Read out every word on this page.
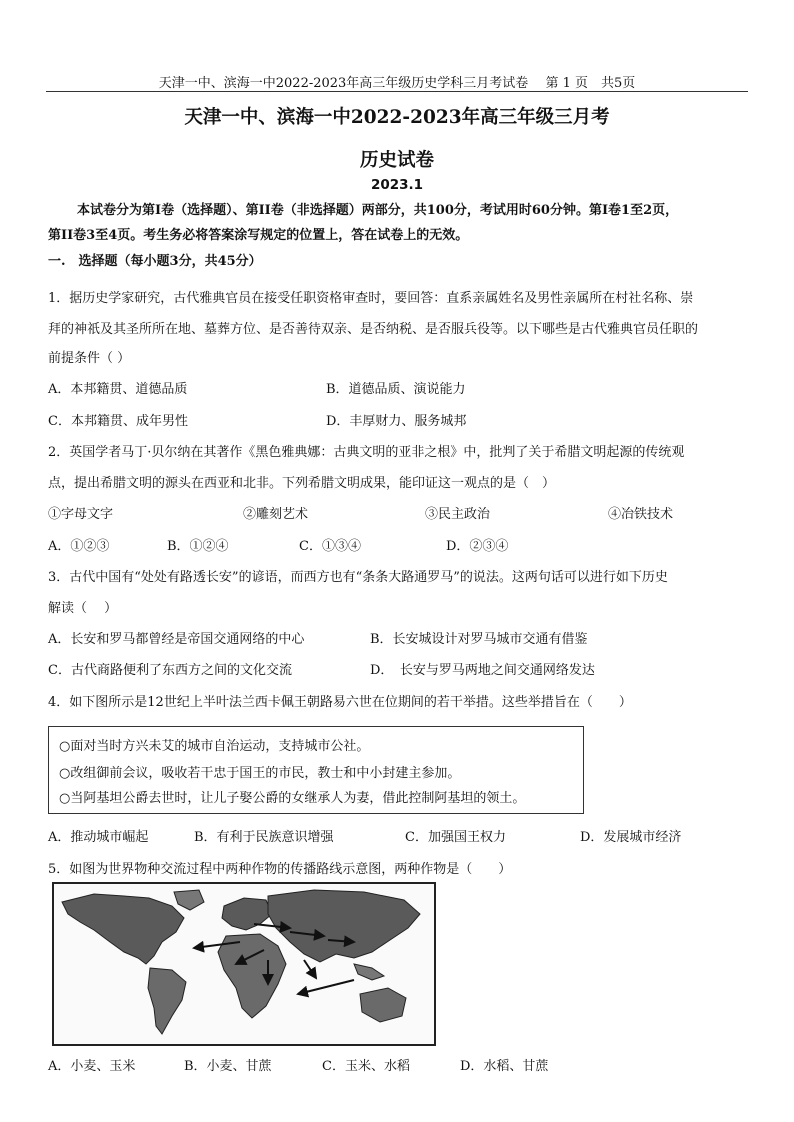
天津一中、滨海一中2022-2023年高三年级历史学科三月考试卷　 第 1 页　共5页
天津一中、滨海一中2022-2023年高三年级三月考
历史试卷
2023.1
本试卷分为第Ⅰ卷（选择题）、第II卷（非选择题）两部分，共100分，考试用时60分钟。第Ⅰ卷1至2页，
第II卷3至4页。考生务必将答案涂写规定的位置上，答在试卷上的无效。
一.　选择题（每小题3分，共45分）
1．据历史学家研究，古代雅典官员在接受任职资格审查时，要回答：直系亲属姓名及男性亲属所在村社名称、崇
拜的神祇及其圣所所在地、墓葬方位、是否善待双亲、是否纳税、是否服兵役等。以下哪些是古代雅典官员任职的
前提条件（ ）
A．本邦籍贯、道德品质	B．道德品质、演说能力
C．本邦籍贯、成年男性	D．丰厚财力、服务城邦
2．英国学者马丁·贝尔纳在其著作《黑色雅典娜：古典文明的亚非之根》中，批判了关于希腊文明起源的传统观
点，提出希腊文明的源头在西亚和北非。下列希腊文明成果，能印证这一观点的是（　）
①字母文字	②雕刻艺术	③民主政治	④冶铁技术
A．①②③	B．①②④	C．①③④	D．②③④
3．古代中国有“处处有路透长安”的谚语，而西方也有“条条大路通罗马”的说法。这两句话可以进行如下历史
解读（　 ）
A．长安和罗马都曾经是帝国交通网络的中心	B．长安城设计对罗马城市交通有借鉴
C．古代商路便利了东西方之间的文化交流	D．　长安与罗马两地之间交通网络发达
4．如下图所示是12世纪上半叶法兰西卡佩王朝路易六世在位期间的若干举措。这些举措旨在（　　）
○面对当时方兴未艾的城市自治运动，支持城市公社。
○改组御前会议，吸收若干忠于国王的市民，教士和中小封建主参加。
○当阿基坦公爵去世时，让儿子娶公爵的女继承人为妻，借此控制阿基坦的领土。
A．推动城市崛起	B．有利于民族意识增强	C．加强国王权力	D．发展城市经济
5．如图为世界物种交流过程中两种作物的传播路线示意图，两种作物是（　　）
A．小麦、玉米	B．小麦、甘蔗	C．玉米、水稻	D．水稻、甘蔗
